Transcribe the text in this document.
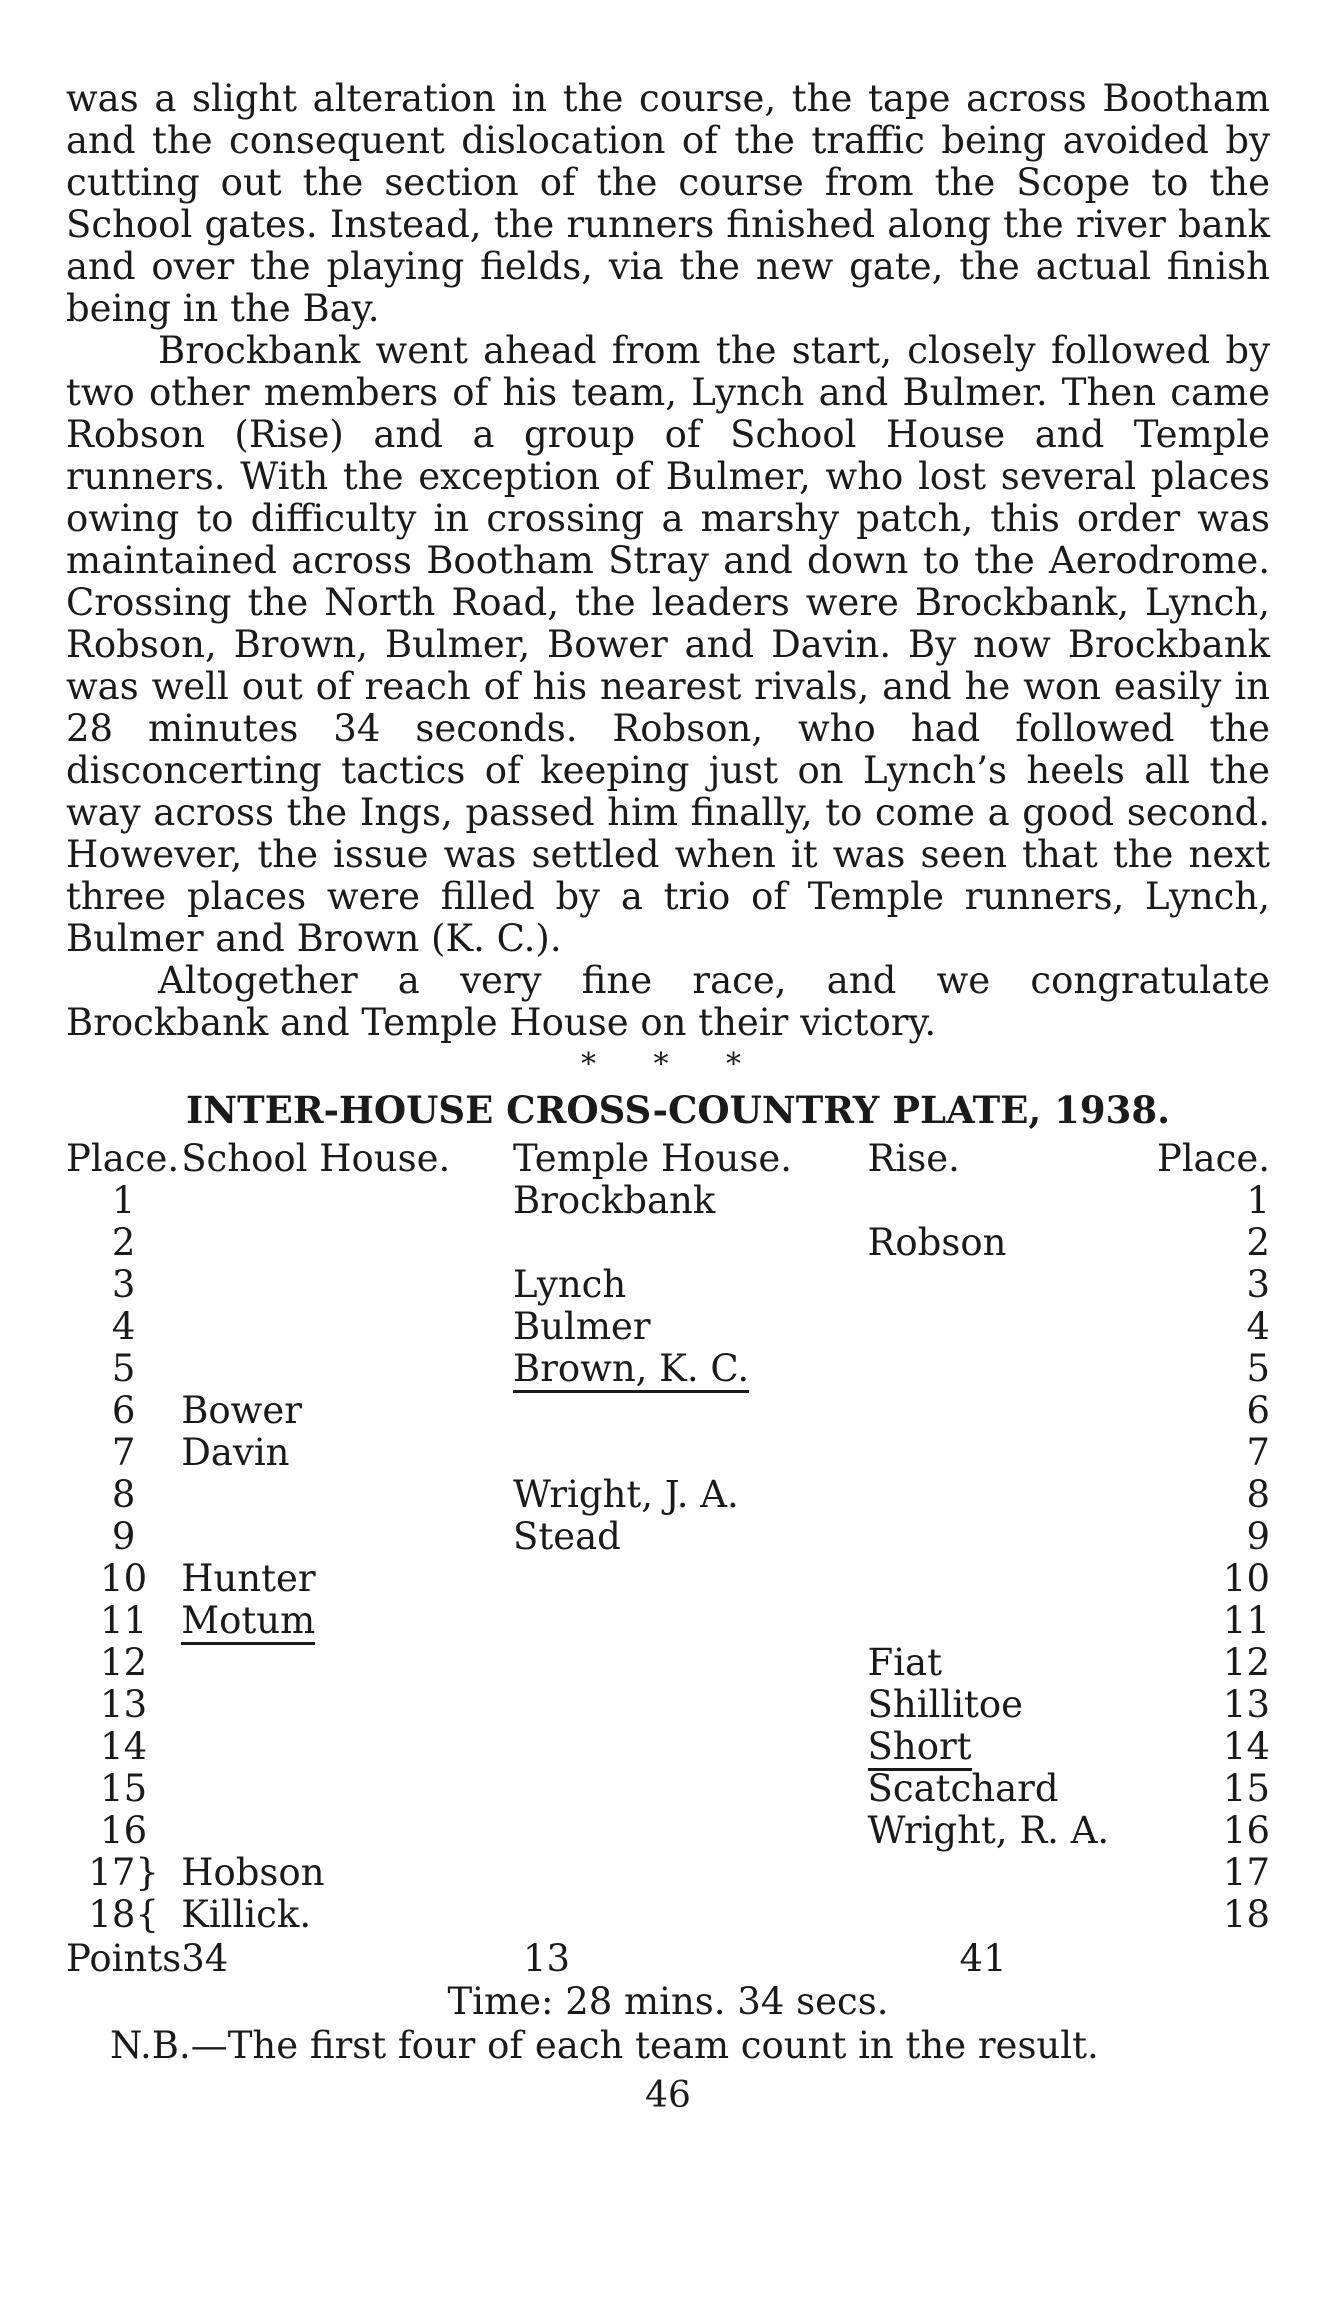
was a slight alteration in the course, the tape across Bootham and the consequent dislocation of the traffic being avoided by cutting out the section of the course from the Scope to the School gates. Instead, the runners finished along the river bank and over the playing fields, via the new gate, the actual finish being in the Bay.

Brockbank went ahead from the start, closely followed by two other members of his team, Lynch and Bulmer. Then came Robson (Rise) and a group of School House and Temple runners. With the exception of Bulmer, who lost several places owing to difficulty in crossing a marshy patch, this order was maintained across Bootham Stray and down to the Aerodrome. Crossing the North Road, the leaders were Brockbank, Lynch, Robson, Brown, Bulmer, Bower and Davin. By now Brockbank was well out of reach of his nearest rivals, and he won easily in 28 minutes 34 seconds. Robson, who had followed the disconcerting tactics of keeping just on Lynch’s heels all the way across the Ings, passed him finally, to come a good second. However, the issue was settled when it was seen that the next three places were filled by a trio of Temple runners, Lynch, Bulmer and Brown (K. C.).

Altogether a very fine race, and we congratulate Brockbank and Temple House on their victory.

* * *
INTER-HOUSE CROSS-COUNTRY PLATE, 1938.
Place.	School House.	Temple House.	Rise.	Place.
1		Brockbank		1
2			Robson	2
3		Lynch		3
4		Bulmer		4
5		Brown, K. C.		5
6	Bower			6
7	Davin			7
8		Wright, J. A.		8
9		Stead		9
10	Hunter			10
11	Motum			11
12			Fiat	12
13			Shillitoe	13
14			Short	14
15			Scatchard	15
16			Wright, R. A.	16
17}	Hobson			17
18{	Killick.			18
Points	34	13	41	
Time: 28 mins. 34 secs.
N.B.—The first four of each team count in the result.
46
